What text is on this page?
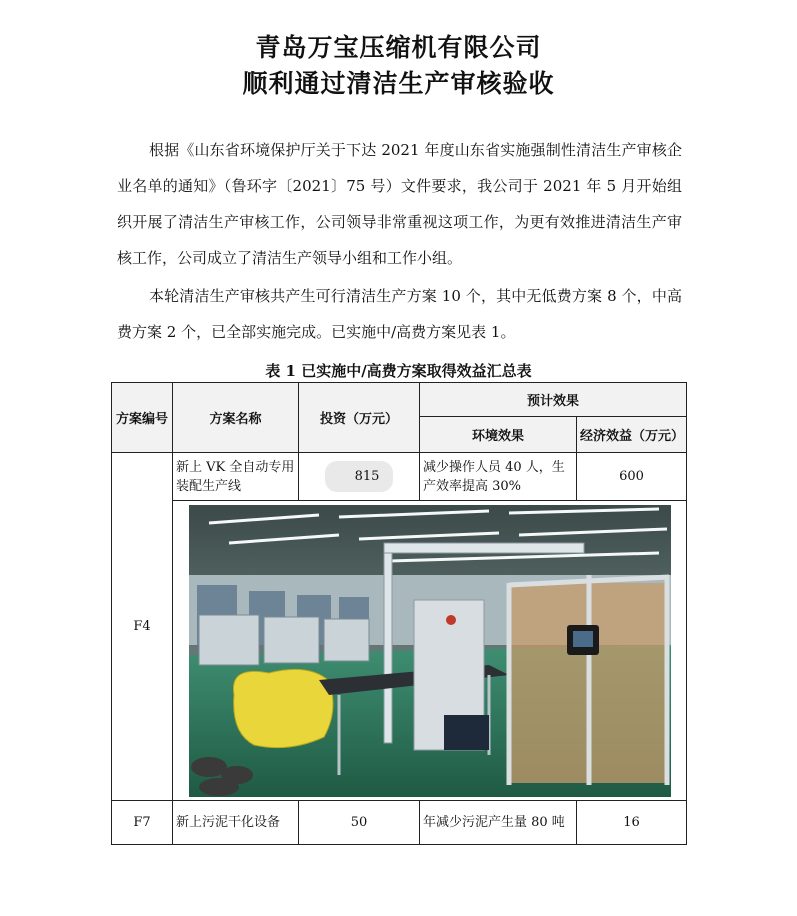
青岛万宝压缩机有限公司
顺利通过清洁生产审核验收
根据《山东省环境保护厅关于下达 2021 年度山东省实施强制性清洁生产审核企业名单的通知》（鲁环字〔2021〕75 号）文件要求，我公司于 2021 年 5 月开始组织开展了清洁生产审核工作，公司领导非常重视这项工作，为更有效推进清洁生产审核工作，公司成立了清洁生产领导小组和工作小组。
本轮清洁生产审核共产生可行清洁生产方案 10 个，其中无低费方案 8 个，中高费方案 2 个，已全部实施完成。已实施中/高费方案见表 1。
表 1 已实施中/高费方案取得效益汇总表
方案编号	方案名称	投资（万元）	预计效果	
			环境效果	经济效益（万元）
F4	新上 VK 全自动专用装配生产线	815	减少操作人员 40 人，生产效率提高 30%	600

F7	新上污泥干化设备	50	年减少污泥产生量 80 吨	16
